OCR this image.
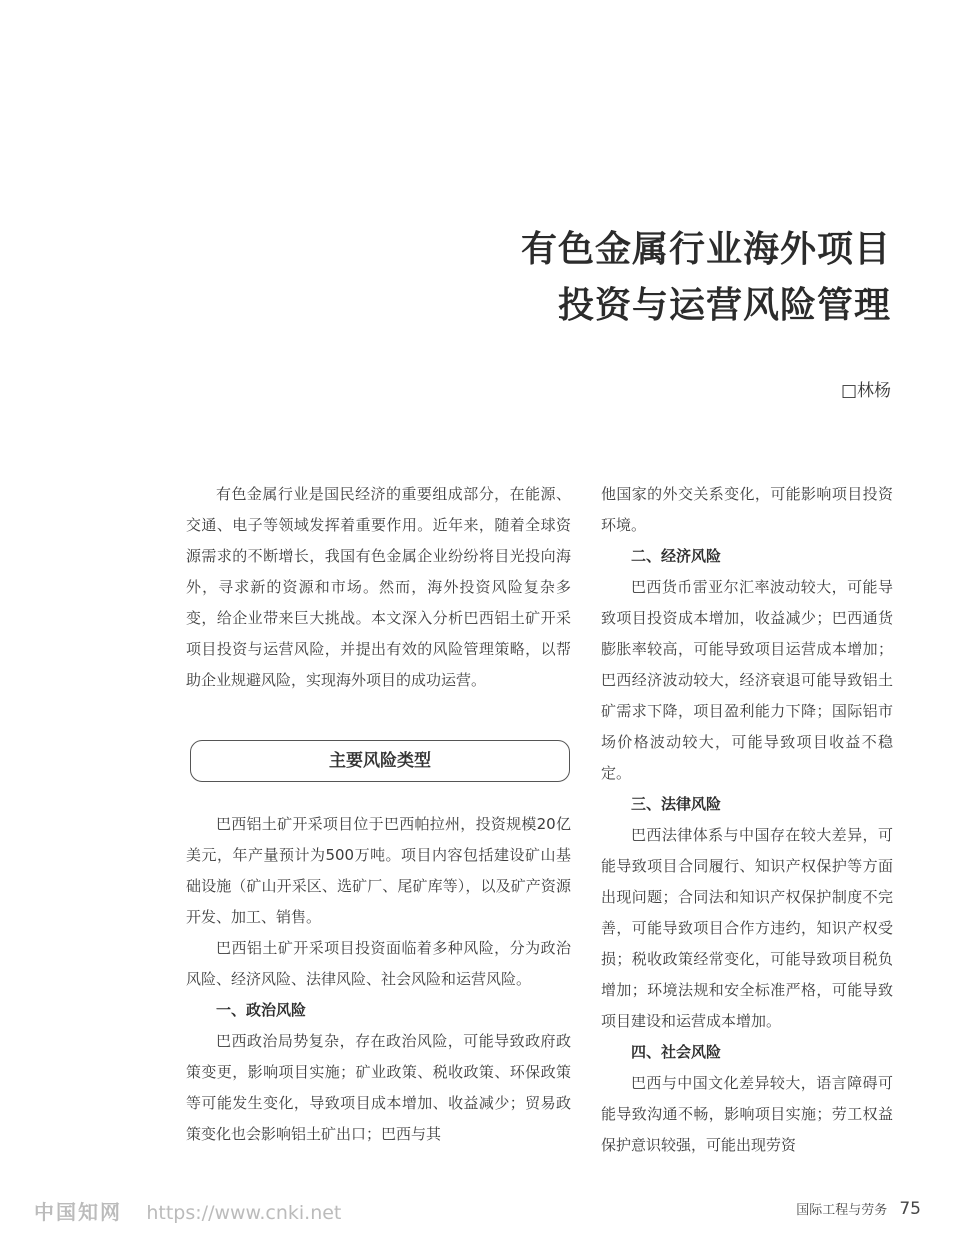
有色金属行业海外项目
投资与运营风险管理
□林杨

有色金属行业是国民经济的重要组成部分，在能源、交通、电子等领域发挥着重要作用。近年来，随着全球资源需求的不断增长，我国有色金属企业纷纷将目光投向海外，寻求新的资源和市场。然而，海外投资风险复杂多变，给企业带来巨大挑战。本文深入分析巴西铝土矿开采项目投资与运营风险，并提出有效的风险管理策略，以帮助企业规避风险，实现海外项目的成功运营。

主要风险类型

巴西铝土矿开采项目位于巴西帕拉州，投资规模20亿美元，年产量预计为500万吨。项目内容包括建设矿山基础设施（矿山开采区、选矿厂、尾矿库等），以及矿产资源开发、加工、销售。

巴西铝土矿开采项目投资面临着多种风险，分为政治风险、经济风险、法律风险、社会风险和运营风险。

一、政治风险

巴西政治局势复杂，存在政治风险，可能导致政府政策变更，影响项目实施；矿业政策、税收政策、环保政策等可能发生变化，导致项目成本增加、收益减少；贸易政策变化也会影响铝土矿出口；巴西与其

他国家的外交关系变化，可能影响项目投资环境。

二、经济风险

巴西货币雷亚尔汇率波动较大，可能导致项目投资成本增加，收益减少；巴西通货膨胀率较高，可能导致项目运营成本增加；巴西经济波动较大，经济衰退可能导致铝土矿需求下降，项目盈利能力下降；国际铝市场价格波动较大，可能导致项目收益不稳定。

三、法律风险

巴西法律体系与中国存在较大差异，可能导致项目合同履行、知识产权保护等方面出现问题；合同法和知识产权保护制度不完善，可能导致项目合作方违约，知识产权受损；税收政策经常变化，可能导致项目税负增加；环境法规和安全标准严格，可能导致项目建设和运营成本增加。

四、社会风险

巴西与中国文化差异较大，语言障碍可能导致沟通不畅，影响项目实施；劳工权益保护意识较强，可能出现劳资

中国知网 https://www.cnki.net	国际工程与劳务 75
